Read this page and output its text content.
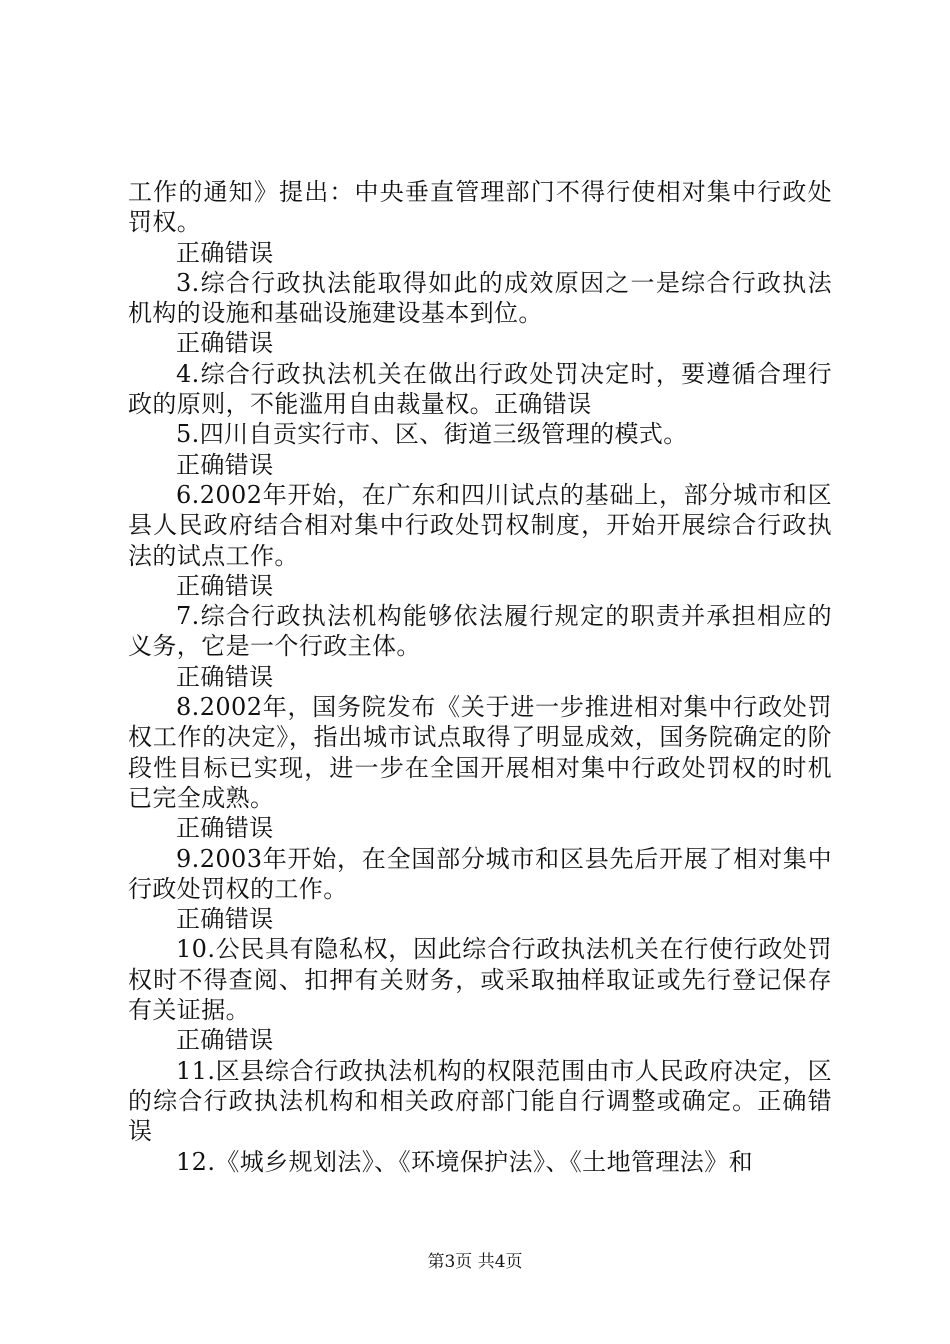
工作的通知》提出：中央垂直管理部门不得行使相对集中行政处罚权。

正确错误

3.综合行政执法能取得如此的成效原因之一是综合行政执法机构的设施和基础设施建设基本到位。

正确错误

4.综合行政执法机关在做出行政处罚决定时，要遵循合理行政的原则，不能滥用自由裁量权。正确错误

5.四川自贡实行市、区、街道三级管理的模式。

正确错误

6.2002年开始，在广东和四川试点的基础上，部分城市和区县人民政府结合相对集中行政处罚权制度，开始开展综合行政执法的试点工作。

正确错误

7.综合行政执法机构能够依法履行规定的职责并承担相应的义务，它是一个行政主体。

正确错误

8.2002年，国务院发布《关于进一步推进相对集中行政处罚权工作的决定》，指出城市试点取得了明显成效，国务院确定的阶段性目标已实现，进一步在全国开展相对集中行政处罚权的时机已完全成熟。

正确错误

9.2003年开始，在全国部分城市和区县先后开展了相对集中行政处罚权的工作。

正确错误

10.公民具有隐私权，因此综合行政执法机关在行使行政处罚权时不得查阅、扣押有关财务，或采取抽样取证或先行登记保存有关证据。

正确错误

11.区县综合行政执法机构的权限范围由市人民政府决定，区的综合行政执法机构和相关政府部门能自行调整或确定。正确错误

12.《城乡规划法》、《环境保护法》、《土地管理法》和

第3页 共4页
